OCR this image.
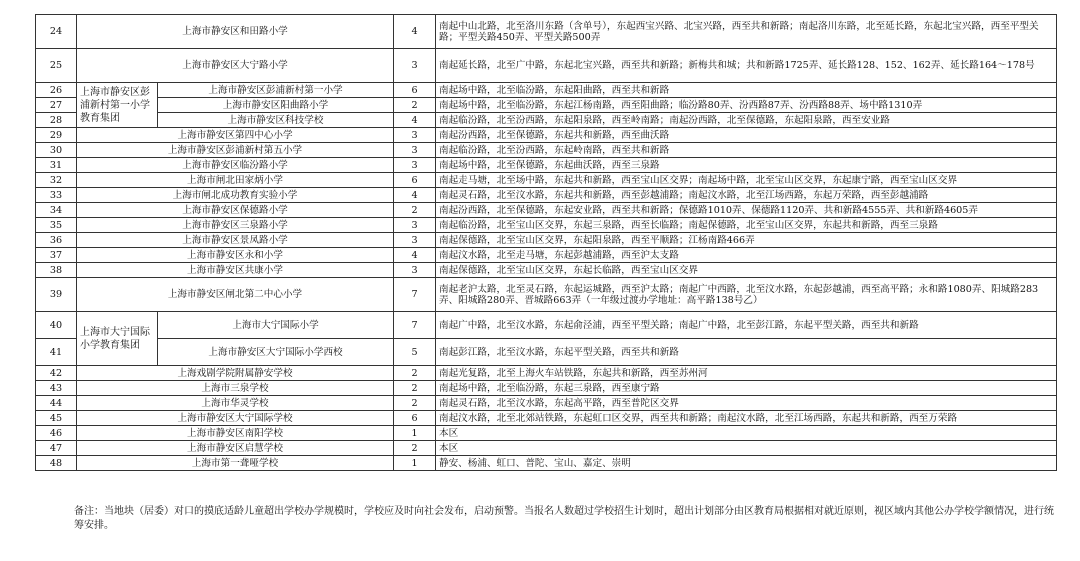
24	上海市静安区和田路小学		4	南起中山北路，北至洛川东路（含单号），东起西宝兴路、北宝兴路，西至共和新路；南起洛川东路，北至延长路，东起北宝兴路，西至平型关路；平型关路450弄、平型关路500弄
25	上海市静安区大宁路小学		3	南起延长路，北至广中路，东起北宝兴路，西至共和新路；新梅共和城；共和新路1725弄、延长路128、152、162弄、延长路164～178号
26	上海市静安区彭浦新村第一小学教育集团	上海市静安区彭浦新村第一小学	6	南起场中路，北至临汾路，东起阳曲路，西至共和新路
27		上海市静安区阳曲路小学	2	南起场中路，北至临汾路，东起江杨南路，西至阳曲路；临汾路80弄、汾西路87弄、汾西路88弄、场中路1310弄
28		上海市静安区科技学校	4	南起临汾路，北至汾西路，东起阳泉路，西至岭南路；南起汾西路，北至保德路，东起阳泉路，西至安业路
29	上海市静安区第四中心小学		3	南起汾西路，北至保德路，东起共和新路，西至曲沃路
30	上海市静安区彭浦新村第五小学		3	南起临汾路，北至汾西路，东起岭南路，西至共和新路
31	上海市静安区临汾路小学		3	南起场中路，北至保德路，东起曲沃路，西至三泉路
32	上海市闸北田家炳小学		6	南起走马塘，北至场中路，东起共和新路，西至宝山区交界；南起场中路，北至宝山区交界，东起康宁路，西至宝山区交界
33	上海市闸北成功教育实验小学		4	南起灵石路，北至汶水路，东起共和新路，西至彭越浦路；南起汶水路，北至江场西路，东起万荣路，西至彭越浦路
34	上海市静安区保德路小学		2	南起汾西路，北至保德路，东起安业路，西至共和新路；保德路1010弄、保德路1120弄、共和新路4555弄、共和新路4605弄
35	上海市静安区三泉路小学		3	南起临汾路，北至宝山区交界，东起三泉路，西至长临路；南起保德路，北至宝山区交界，东起共和新路，西至三泉路
36	上海市静安区景凤路小学		3	南起保德路，北至宝山区交界，东起阳泉路，西至平顺路；江杨南路466弄
37	上海市静安区永和小学		4	南起汶水路，北至走马塘，东起彭越浦路，西至沪太支路
38	上海市静安区共康小学		3	南起保德路，北至宝山区交界，东起长临路，西至宝山区交界
39	上海市静安区闸北第二中心小学		7	南起老沪太路，北至灵石路，东起运城路，西至沪太路；南起广中西路，北至汶水路，东起彭越浦，西至高平路；永和路1080弄、阳城路283弄、阳城路280弄、晋城路663弄（一年级过渡办学地址：高平路138号乙）
40	上海市大宁国际小学教育集团	上海市大宁国际小学	7	南起广中路，北至汶水路，东起俞泾浦，西至平型关路；南起广中路，北至彭江路，东起平型关路，西至共和新路
41		上海市静安区大宁国际小学西校	5	南起彭江路，北至汶水路，东起平型关路，西至共和新路
42	上海戏剧学院附属静安学校		2	南起光复路，北至上海火车站铁路，东起共和新路，西至苏州河
43	上海市三泉学校		2	南起场中路，北至临汾路，东起三泉路，西至康宁路
44	上海市华灵学校		2	南起灵石路，北至汶水路，东起高平路，西至普陀区交界
45	上海市静安区大宁国际学校		6	南起汶水路，北至北郊站铁路，东起虹口区交界，西至共和新路；南起汶水路，北至江场西路，东起共和新路，西至万荣路
46	上海市静安区南阳学校		1	本区
47	上海市静安区启慧学校		2	本区
48	上海市第一聋哑学校		1	静安、杨浦、虹口、普陀、宝山、嘉定、崇明
备注：当地块（居委）对口的摸底适龄儿童超出学校办学规模时，学校应及时向社会发布，启动预警。当报名人数超过学校招生计划时，超出计划部分由区教育局根据相对就近原则，视区域内其他公办学校学额情况，进行统筹安排。
